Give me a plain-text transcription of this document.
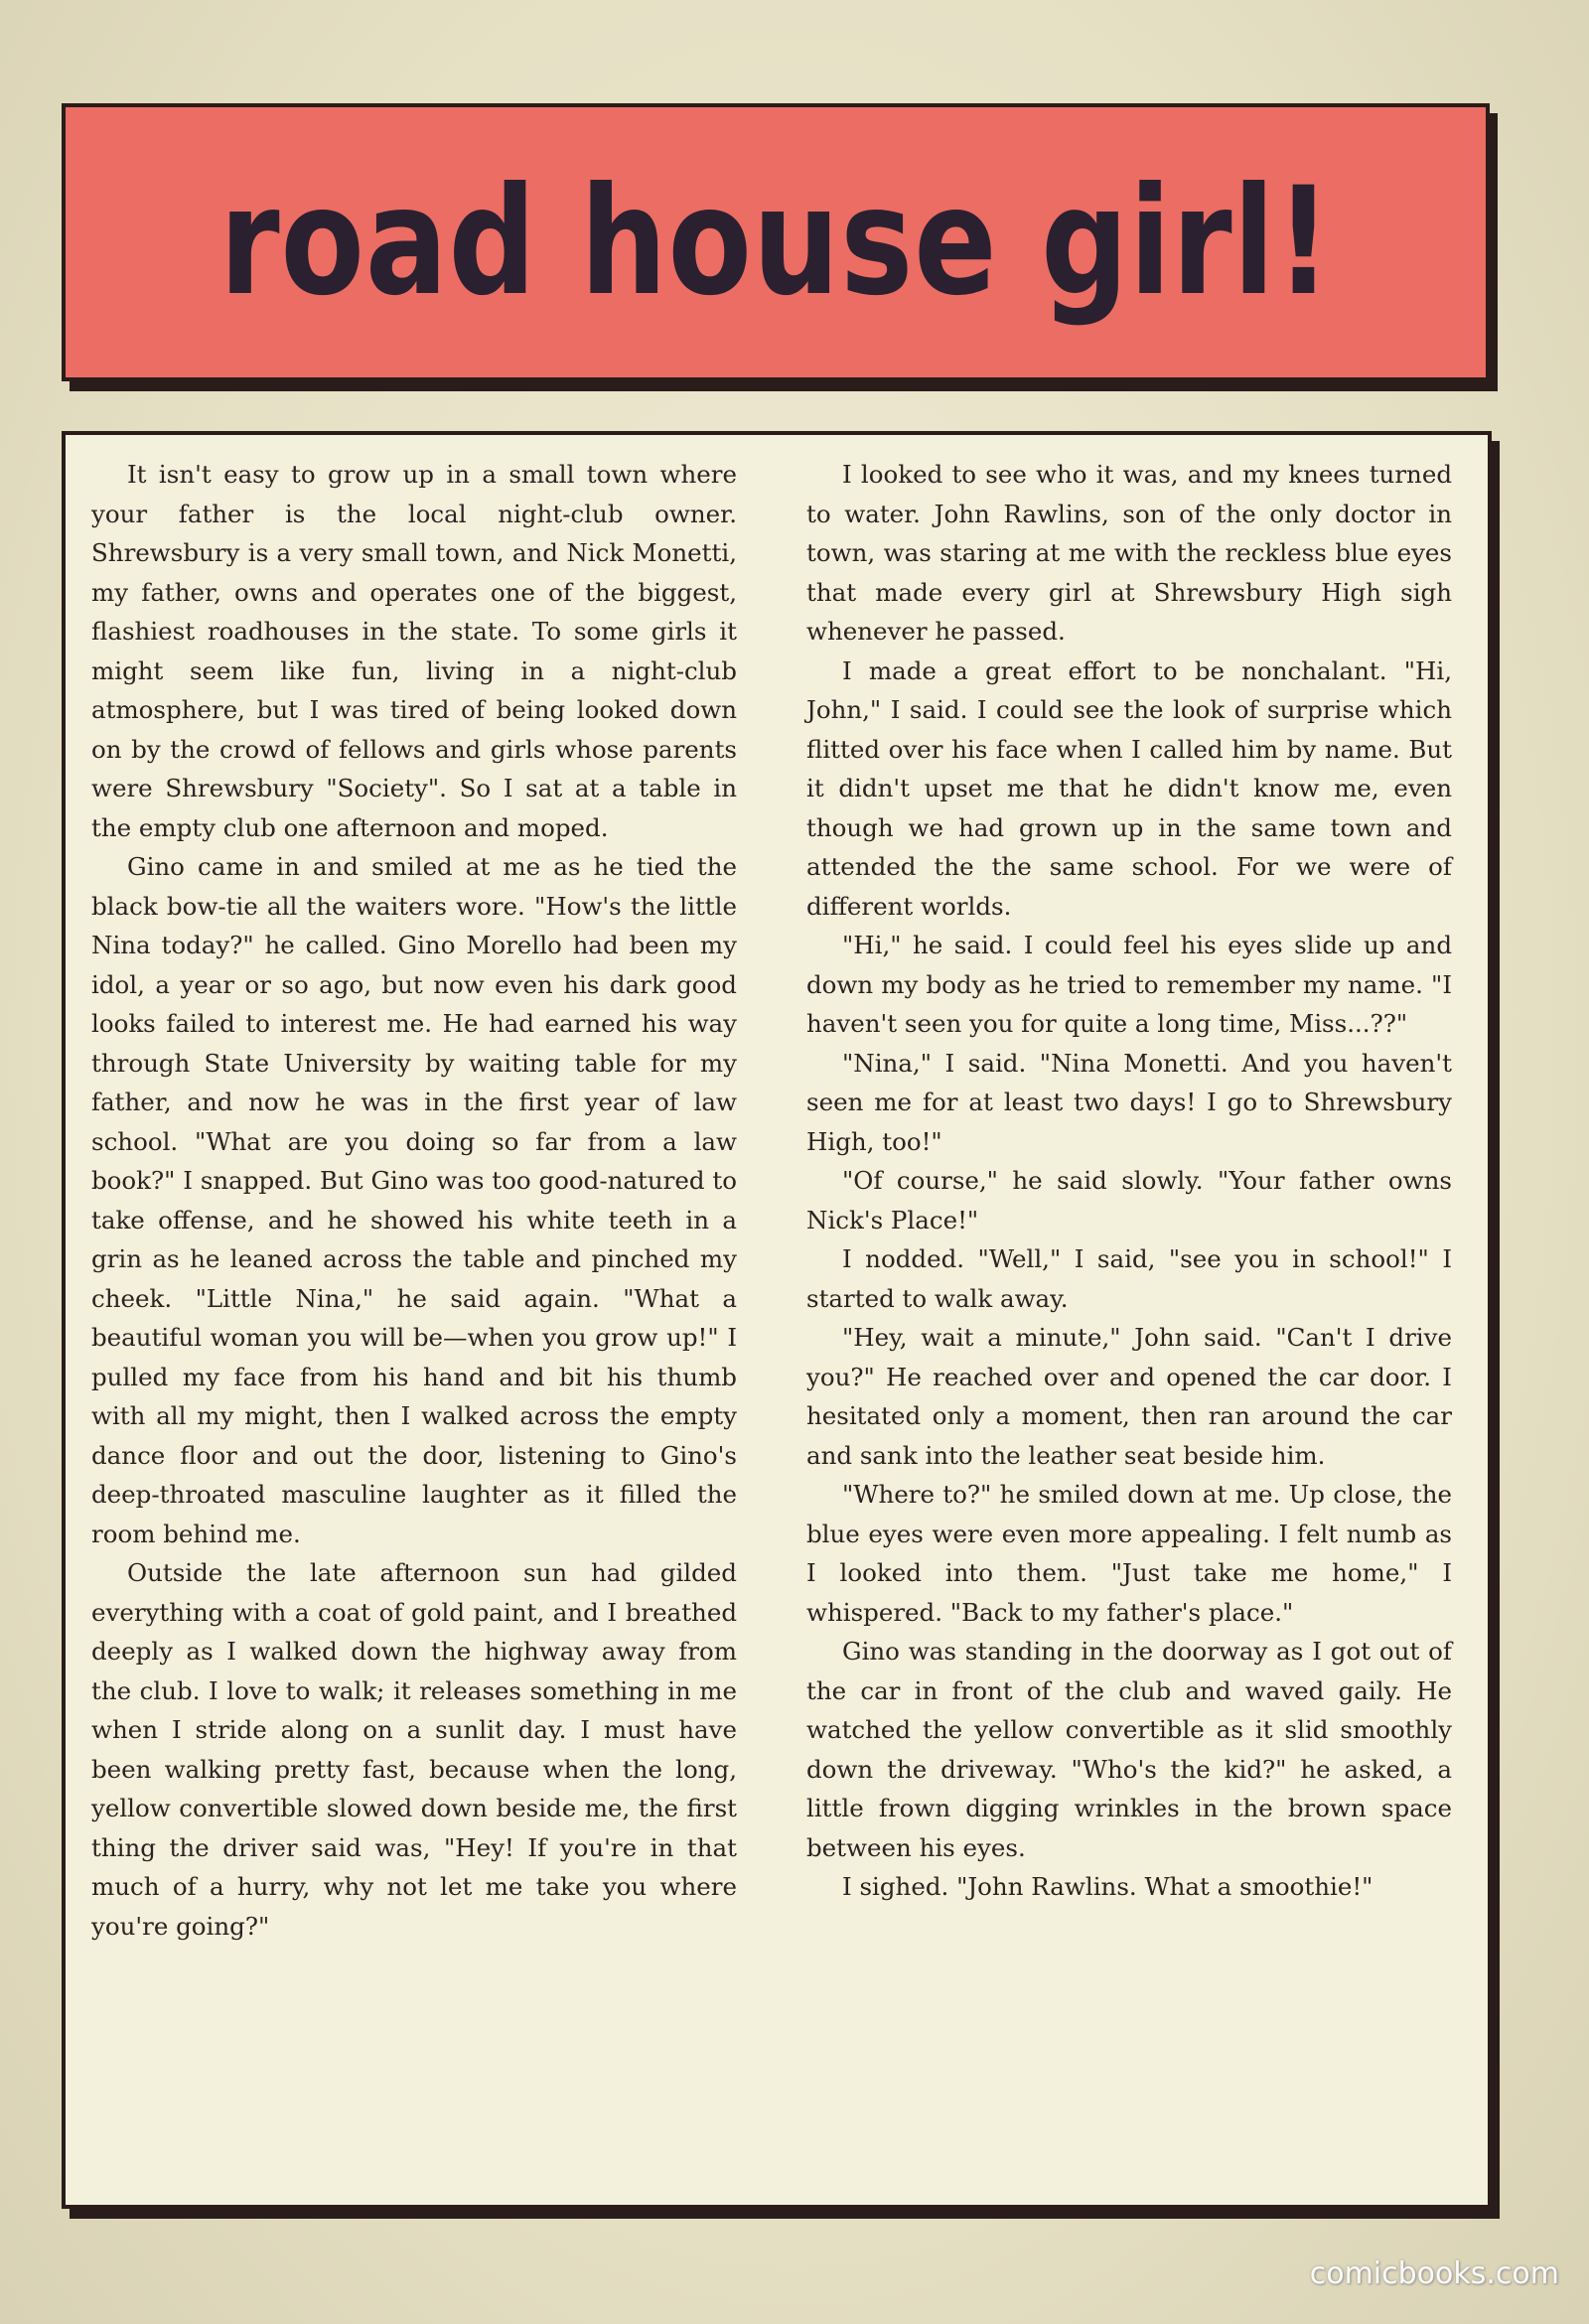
road house girl!

It isn't easy to grow up in a small town where your father is the local night-club owner. Shrewsbury is a very small town, and Nick Monetti, my father, owns and operates one of the biggest, flashiest roadhouses in the state. To some girls it might seem like fun, living in a night-club atmosphere, but I was tired of being looked down on by the crowd of fellows and girls whose parents were Shrewsbury "Society". So I sat at a table in the empty club one afternoon and moped.

Gino came in and smiled at me as he tied the black bow-tie all the waiters wore. "How's the little Nina today?" he called. Gino Morello had been my idol, a year or so ago, but now even his dark good looks failed to interest me. He had earned his way through State University by waiting table for my father, and now he was in the first year of law school. "What are you doing so far from a law book?" I snapped. But Gino was too good-natured to take offense, and he showed his white teeth in a grin as he leaned across the table and pinched my cheek. "Little Nina," he said again. "What a beautiful woman you will be—when you grow up!" I pulled my face from his hand and bit his thumb with all my might, then I walked across the empty dance floor and out the door, listening to Gino's deep-throated masculine laughter as it filled the room behind me.

Outside the late afternoon sun had gilded everything with a coat of gold paint, and I breathed deeply as I walked down the highway away from the club. I love to walk; it releases something in me when I stride along on a sunlit day. I must have been walking pretty fast, because when the long, yellow convertible slowed down beside me, the first thing the driver said was, "Hey! If you're in that much of a hurry, why not let me take you where you're going?"

I looked to see who it was, and my knees turned to water. John Rawlins, son of the only doctor in town, was staring at me with the reckless blue eyes that made every girl at Shrewsbury High sigh whenever he passed.

I made a great effort to be nonchalant. "Hi, John," I said. I could see the look of surprise which flitted over his face when I called him by name. But it didn't upset me that he didn't know me, even though we had grown up in the same town and attended the the same school. For we were of different worlds.

"Hi," he said. I could feel his eyes slide up and down my body as he tried to remember my name. "I haven't seen you for quite a long time, Miss...??"

"Nina," I said. "Nina Monetti. And you haven't seen me for at least two days! I go to Shrewsbury High, too!"

"Of course," he said slowly. "Your father owns Nick's Place!"

I nodded. "Well," I said, "see you in school!" I started to walk away.

"Hey, wait a minute," John said. "Can't I drive you?" He reached over and opened the car door. I hesitated only a moment, then ran around the car and sank into the leather seat beside him.

"Where to?" he smiled down at me. Up close, the blue eyes were even more appealing. I felt numb as I looked into them. "Just take me home," I whispered. "Back to my father's place."

Gino was standing in the doorway as I got out of the car in front of the club and waved gaily. He watched the yellow convertible as it slid smoothly down the driveway. "Who's the kid?" he asked, a little frown digging wrinkles in the brown space between his eyes.

I sighed. "John Rawlins. What a smoothie!"

comicbooks.com
